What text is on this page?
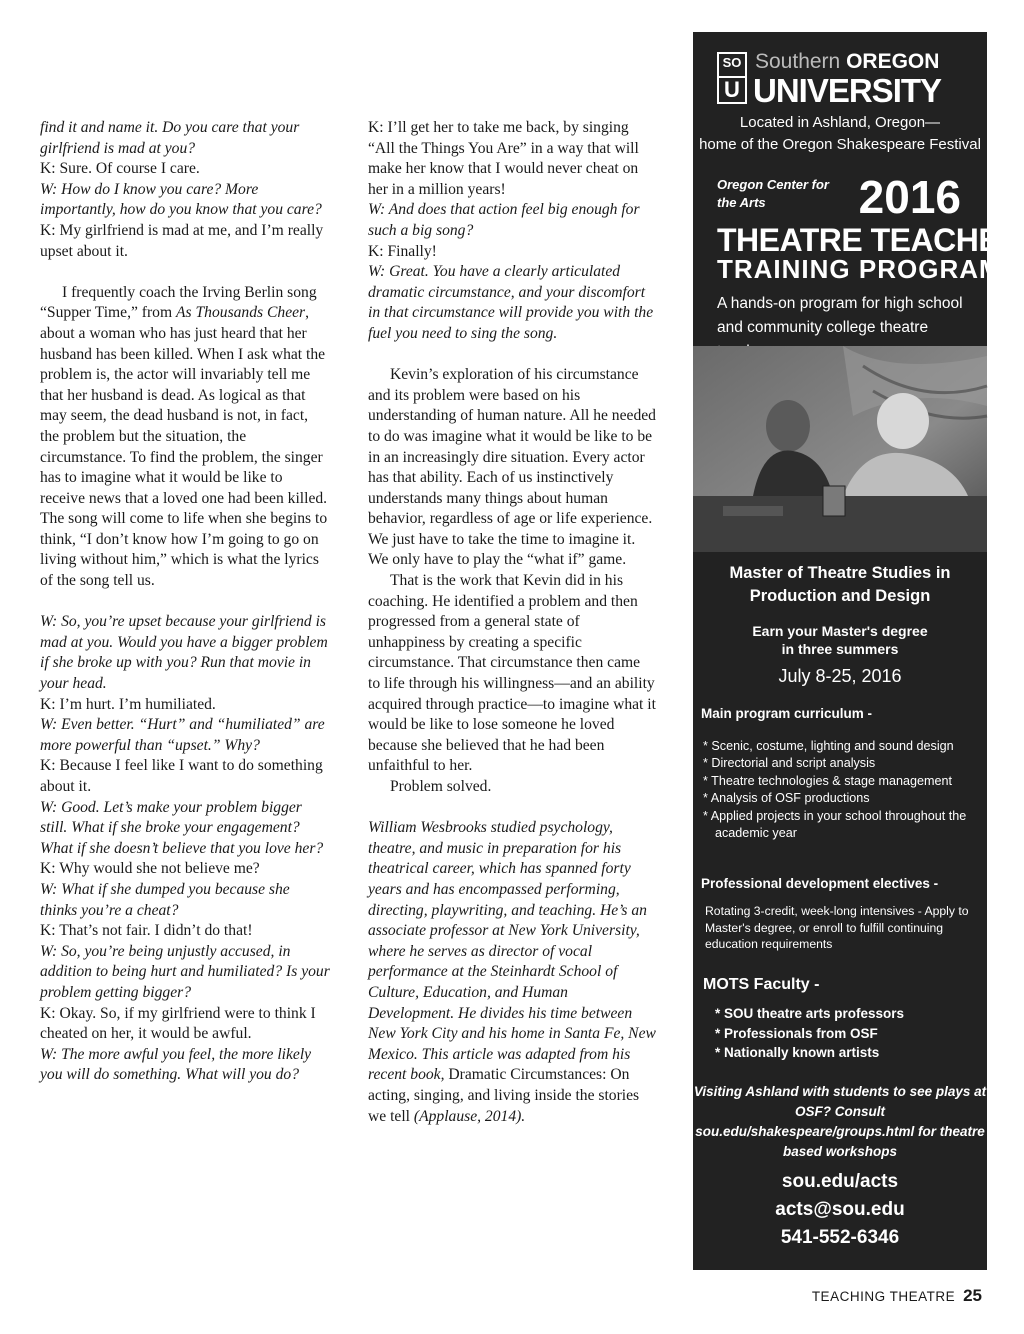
find it and name it. Do you care that your girlfriend is mad at you?

K: Sure. Of course I care.

W: How do I know you care? More importantly, how do you know that you care?

K: My girlfriend is mad at me, and I’m really upset about it.

I frequently coach the Irving Berlin song “Supper Time,” from As Thousands Cheer, about a woman who has just heard that her husband has been killed. When I ask what the problem is, the actor will invariably tell me that her husband is dead. As logical as that may seem, the dead husband is not, in fact, the problem but the situation, the circumstance. To find the problem, the singer has to imagine what it would be like to receive news that a loved one had been killed. The song will come to life when she begins to think, “I don’t know how I’m going to go on living without him,” which is what the lyrics of the song tell us.

W: So, you’re upset because your girlfriend is mad at you. Would you have a bigger problem if she broke up with you? Run that movie in your head.

K: I’m hurt. I’m humiliated.

W: Even better. “Hurt” and “humiliated” are more powerful than “upset.” Why?

K: Because I feel like I want to do something about it.

W: Good. Let’s make your problem bigger still. What if she broke your engagement? What if she doesn’t believe that you love her?

K: Why would she not believe me?

W: What if she dumped you because she thinks you’re a cheat?

K: That’s not fair. I didn’t do that!

W: So, you’re being unjustly accused, in addition to being hurt and humiliated? Is your problem getting bigger?

K: Okay. So, if my girlfriend were to think I cheated on her, it would be awful.

W: The more awful you feel, the more likely you will do something. What will you do?

K: I’ll get her to take me back, by singing “All the Things You Are” in a way that will make her know that I would never cheat on her in a million years!

W: And does that action feel big enough for such a big song?

K: Finally!

W: Great. You have a clearly articulated dramatic circumstance, and your discomfort in that circumstance will provide you with the fuel you need to sing the song.

Kevin’s exploration of his circumstance and its problem were based on his understanding of human nature. All he needed to do was imagine what it would be like to be in an increasingly dire situation. Every actor has that ability. Each of us instinctively understands many things about human behavior, regardless of age or life experience. We just have to take the time to imagine it. We only have to play the “what if” game.

That is the work that Kevin did in his coaching. He identified a problem and then progressed from a general state of unhappiness by creating a specific circumstance. That circumstance then came to life through his willingness—and an ability acquired through practice—to imagine what it would be like to lose someone he loved because she believed that he had been unfaithful to her.

Problem solved.

William Wesbrooks studied psychology, theatre, and music in preparation for his theatrical career, which has spanned forty years and has encompassed performing, directing, playwriting, and teaching. He’s an associate professor at New York University, where he serves as director of vocal performance at the Steinhardt School of Culture, Education, and Human Development. He divides his time between New York City and his home in Santa Fe, New Mexico. This article was adapted from his recent book, Dramatic Circumstances: On acting, singing, and living inside the stories we tell (Applause, 2014).

SO
U
Southern OREGON
UNIVERSITY
Located in Ashland, Oregon—
home of the Oregon Shakespeare Festival
Oregon Center for the Arts	2016
THEATRE TEACHER
TRAINING PROGRAM
A hands-on program for high school and community college theatre
Master of Theatre Studies in
Production and Design
Earn your Master's degree
in three summers
July 8-25, 2016
Main program curriculum -
* Scenic, costume, lighting and sound design
* Directorial and script analysis
* Theatre technologies & stage management
* Analysis of OSF productions
* Applied projects in your school throughout the academic year
Professional development electives -
Rotating 3-credit, week-long intensives - Apply to Master's degree, or enroll to fulfill continuing education requirements
MOTS Faculty -
* SOU theatre arts professors
* Professionals from OSF
* Nationally known artists
Visiting Ashland with students to see plays at OSF? Consult sou.edu/shakespeare/groups.html for theatre based workshops
sou.edu/acts
acts@sou.edu
541-552-6346
TEACHING THEATRE 25
